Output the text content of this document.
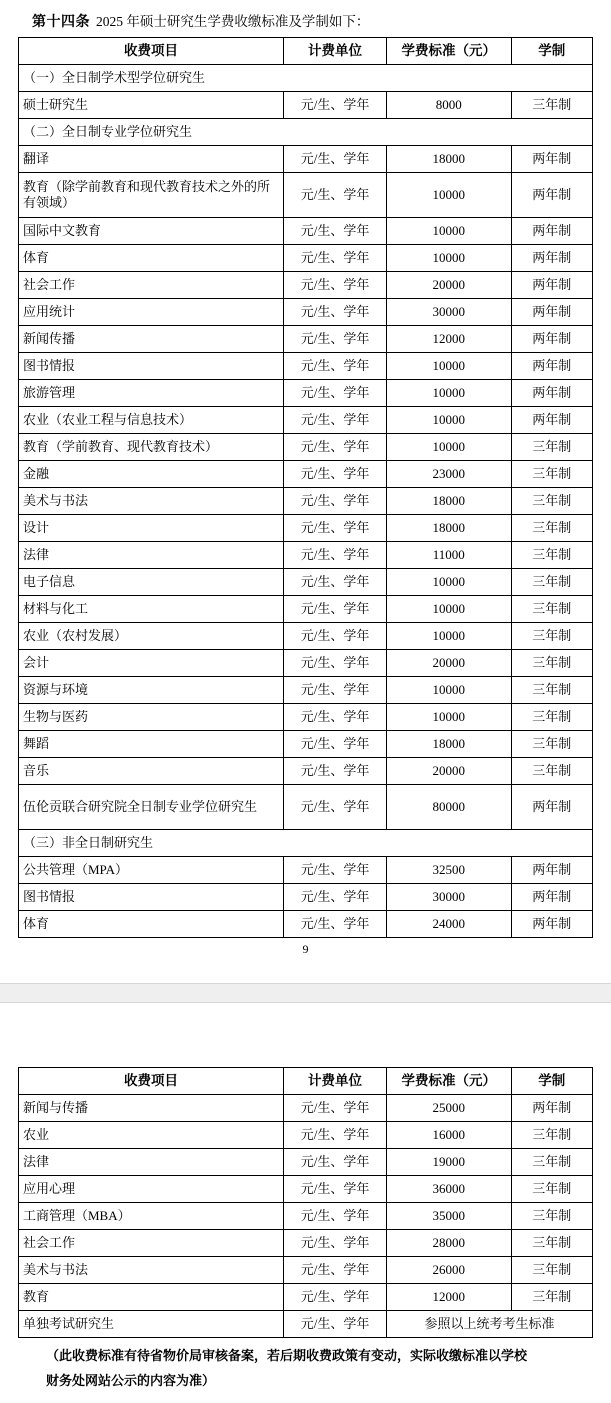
第十四条 2025 年硕士研究生学费收缴标准及学制如下：
收费项目	计费单位	学费标准（元）	学制
（一）全日制学术型学位研究生			
硕士研究生	元/生、学年	8000	三年制
（二）全日制专业学位研究生			
翻译	元/生、学年	18000	两年制
教育（除学前教育和现代教育技术之外的所有领域）	元/生、学年	10000	两年制
国际中文教育	元/生、学年	10000	两年制
体育	元/生、学年	10000	两年制
社会工作	元/生、学年	20000	两年制
应用统计	元/生、学年	30000	两年制
新闻传播	元/生、学年	12000	两年制
图书情报	元/生、学年	10000	两年制
旅游管理	元/生、学年	10000	两年制
农业（农业工程与信息技术）	元/生、学年	10000	两年制
教育（学前教育、现代教育技术）	元/生、学年	10000	三年制
金融	元/生、学年	23000	三年制
美术与书法	元/生、学年	18000	三年制
设计	元/生、学年	18000	三年制
法律	元/生、学年	11000	三年制
电子信息	元/生、学年	10000	三年制
材料与化工	元/生、学年	10000	三年制
农业（农村发展）	元/生、学年	10000	三年制
会计	元/生、学年	20000	三年制
资源与环境	元/生、学年	10000	三年制
生物与医药	元/生、学年	10000	三年制
舞蹈	元/生、学年	18000	三年制
音乐	元/生、学年	20000	三年制
伍伦贡联合研究院全日制专业学位研究生	元/生、学年	80000	两年制
（三）非全日制研究生			
公共管理（MPA）	元/生、学年	32500	两年制
图书情报	元/生、学年	30000	两年制
体育	元/生、学年	24000	两年制
9
收费项目	计费单位	学费标准（元）	学制
新闻与传播	元/生、学年	25000	两年制
农业	元/生、学年	16000	三年制
法律	元/生、学年	19000	三年制
应用心理	元/生、学年	36000	三年制
工商管理（MBA）	元/生、学年	35000	三年制
社会工作	元/生、学年	28000	三年制
美术与书法	元/生、学年	26000	三年制
教育	元/生、学年	12000	三年制
单独考试研究生	元/生、学年	参照以上统考考生标准	
（此收费标准有待省物价局审核备案，若后期收费政策有变动，实际收缴标准以学校
财务处网站公示的内容为准）
